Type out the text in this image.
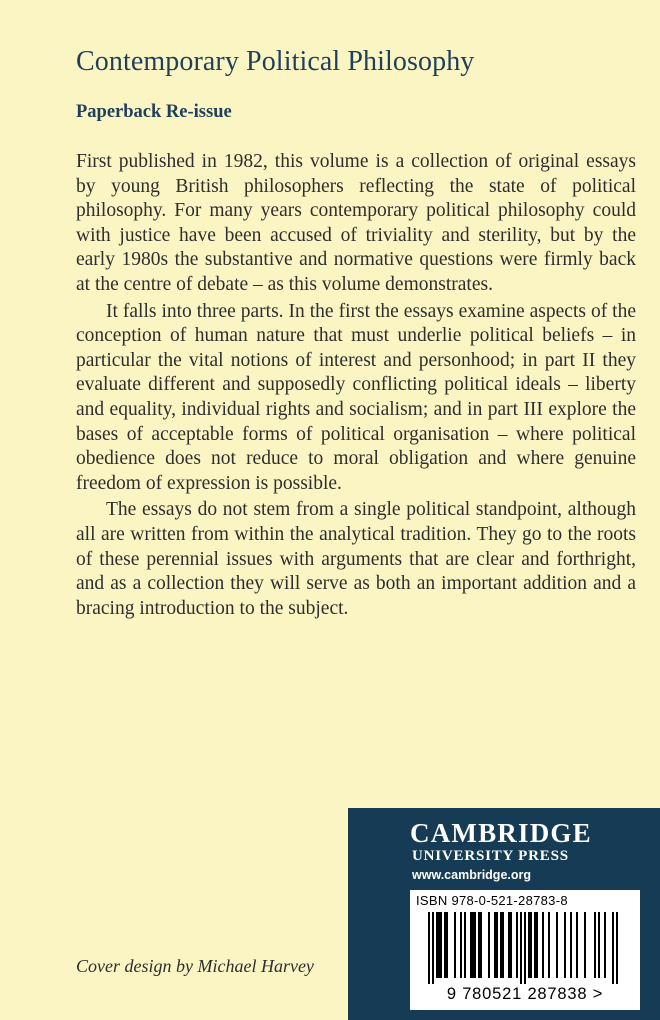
Contemporary Political Philosophy
Paperback Re-issue

First published in 1982, this volume is a collection of original essays by young British philosophers reflecting the state of political philosophy. For many years contemporary political philosophy could with justice have been accused of triviality and sterility, but by the early 1980s the substantive and normative questions were firmly back at the centre of debate – as this volume demonstrates.

It falls into three parts. In the first the essays examine aspects of the conception of human nature that must underlie political beliefs – in particular the vital notions of interest and personhood; in part II they evaluate different and supposedly conflicting political ideals – liberty and equality, individual rights and socialism; and in part III explore the bases of acceptable forms of political organisation – where political obedience does not reduce to moral obligation and where genuine freedom of expression is possible.

The essays do not stem from a single political standpoint, although all are written from within the analytical tradition. They go to the roots of these perennial issues with arguments that are clear and forthright, and as a collection they will serve as both an important addition and a bracing introduction to the subject.

Cover design by Michael Harvey

CAMBRIDGE
UNIVERSITY PRESS
www.cambridge.org
ISBN 978-0-521-28783-8
9 780521 287838 >
